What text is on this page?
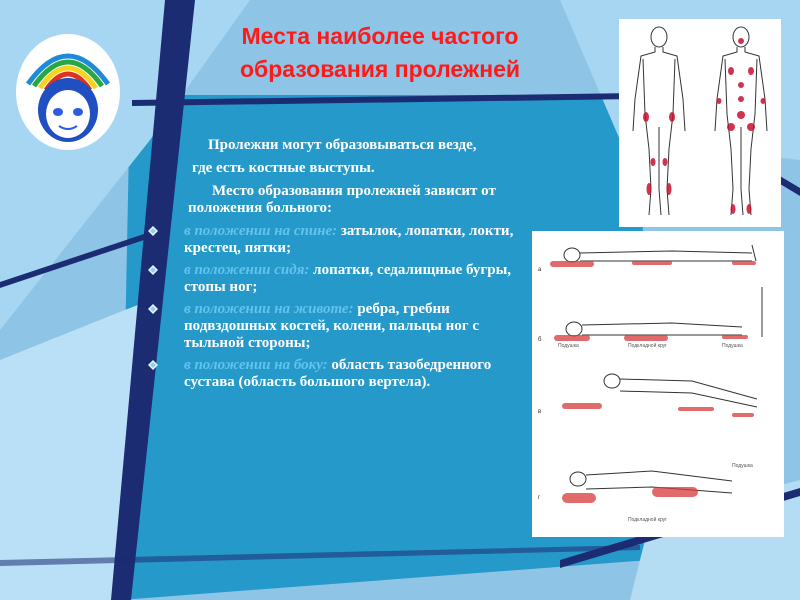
Места наиболее частого
образования пролежней

Пролежни могут образовываться везде,

где есть костные выступы.

Место образования пролежней зависит от положения больного:

в положении на спине: затылок, лопатки, локти, крестец, пятки;
в положении сидя: лопатки, седалищные бугры, стопы ног;
в положении на животе: ребра, гребни подвздошных костей, колени, пальцы ног с тыльной стороны;
в положении на боку: область тазобедренного сустава (область большого вертела).
а
б
в
г
Подушка	Подкладной круг	Подушка
Подушка
Подкладной круг
